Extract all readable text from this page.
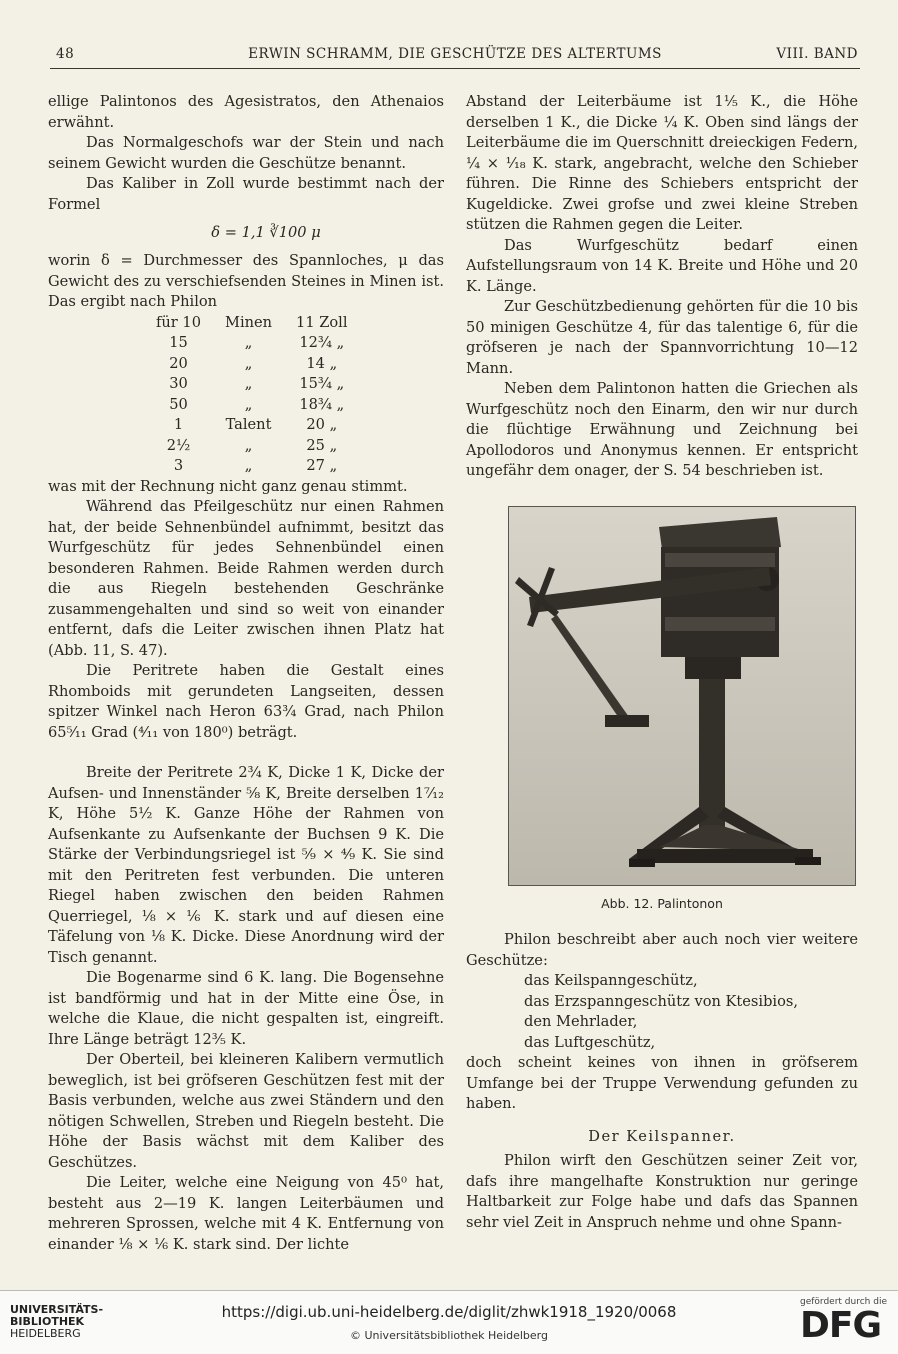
48	ERWIN SCHRAMM, DIE GESCHÜTZE DES ALTERTUMS	VIII. BAND

ellige Palintonos des Agesistratos, den Athenaios erwähnt.

Das Normalgeschofs war der Stein und nach seinem Gewicht wurden die Geschütze benannt.

Das Kaliber in Zoll wurde bestimmt nach der Formel

δ = 1,1 ∛100 μ

worin δ = Durchmesser des Spannloches, μ das Gewicht des zu verschiefsenden Steines in Minen ist. Das ergibt nach Philon

für 10	Minen	11 Zoll
15	„	12¾ „
20	„	14 „
30	„	15¾ „
50	„	18¾ „
1	Talent	20 „
2½	„	25 „
3	„	27 „

was mit der Rechnung nicht ganz genau stimmt.

Während das Pfeilgeschütz nur einen Rahmen hat, der beide Sehnenbündel aufnimmt, besitzt das Wurfgeschütz für jedes Sehnenbündel einen besonderen Rahmen. Beide Rahmen werden durch die aus Riegeln bestehenden Geschränke zusammengehalten und sind so weit von einander entfernt, dafs die Leiter zwischen ihnen Platz hat (Abb. 11, S. 47).

Die Peritrete haben die Gestalt eines Rhomboids mit gerundeten Langseiten, dessen spitzer Winkel nach Heron 63¾ Grad, nach Philon 65⁵⁄₁₁ Grad (⁴⁄₁₁ von 180⁰) beträgt.

Breite der Peritrete 2¾ K, Dicke 1 K, Dicke der Aufsen- und Innenständer ⁵⁄₈ K, Breite derselben 1⁷⁄₁₂ K, Höhe 5½ K. Ganze Höhe der Rahmen von Aufsenkante zu Aufsenkante der Buchsen 9 K. Die Stärke der Verbindungsriegel ist ⁵⁄₉ × ⁴⁄₉ K. Sie sind mit den Peritreten fest verbunden. Die unteren Riegel haben zwischen den beiden Rahmen Querriegel, ⅛ × ⅙ K. stark und auf diesen eine Täfelung von ⅛ K. Dicke. Diese Anordnung wird der Tisch genannt.

Die Bogenarme sind 6 K. lang. Die Bogensehne ist bandförmig und hat in der Mitte eine Öse, in welche die Klaue, die nicht gespalten ist, eingreift. Ihre Länge beträgt 12⅗ K.

Der Oberteil, bei kleineren Kalibern vermutlich beweglich, ist bei gröfseren Geschützen fest mit der Basis verbunden, welche aus zwei Ständern und den nötigen Schwellen, Streben und Riegeln besteht. Die Höhe der Basis wächst mit dem Kaliber des Geschützes.

Die Leiter, welche eine Neigung von 45⁰ hat, besteht aus 2—19 K. langen Leiterbäumen und mehreren Sprossen, welche mit 4 K. Entfernung von einander ⅛ × ⅙ K. stark sind. Der lichte

Abstand der Leiterbäume ist 1⅕ K., die Höhe derselben 1 K., die Dicke ¼ K. Oben sind längs der Leiterbäume die im Querschnitt dreieckigen Federn, ¼ × ⅟₁₈ K. stark, angebracht, welche den Schieber führen. Die Rinne des Schiebers entspricht der Kugeldicke. Zwei grofse und zwei kleine Streben stützen die Rahmen gegen die Leiter.

Das Wurfgeschütz bedarf einen Aufstellungsraum von 14 K. Breite und Höhe und 20 K. Länge.

Zur Geschützbedienung gehörten für die 10 bis 50 minigen Geschütze 4, für das talentige 6, für die gröfseren je nach der Spannvorrichtung 10—12 Mann.

Neben dem Palintonon hatten die Griechen als Wurfgeschütz noch den Einarm, den wir nur durch die flüchtige Erwähnung und Zeichnung bei Apollodoros und Anonymus kennen. Er entspricht ungefähr dem onager, der S. 54 beschrieben ist.

Abb. 12. Palintonon

Philon beschreibt aber auch noch vier weitere Geschütze:

das Keilspanngeschütz,
das Erzspanngeschütz von Ktesibios,
den Mehrlader,
das Luftgeschütz,

doch scheint keines von ihnen in gröfserem Umfange bei der Truppe Verwendung gefunden zu haben.

Der Keilspanner.

Philon wirft den Geschützen seiner Zeit vor, dafs ihre mangelhafte Konstruktion nur geringe Haltbarkeit zur Folge habe und dafs das Spannen sehr viel Zeit in Anspruch nehme und ohne Spann-

UNIVERSITÄTS-
BIBLIOTHEK
HEIDELBERG
https://digi.ub.uni-heidelberg.de/diglit/zhwk1918_1920/0068
© Universitätsbibliothek Heidelberg
gefördert durch die
DFG
